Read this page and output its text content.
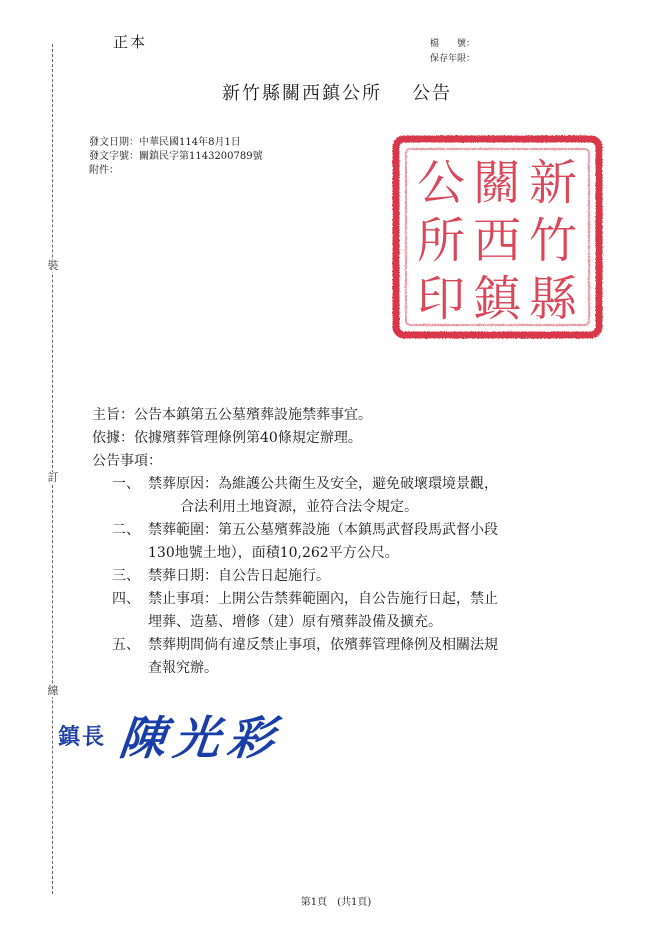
裝
訂
線
正本	檔　　號：
保存年限：
新竹縣關西鎮公所 公告
發文日期：中華民國114年8月1日
發文字號：關鎮民字第1143200789號
附件：	新
竹
縣
關
西
鎮
公
所
印
主旨：公告本鎮第五公墓殯葬設施禁葬事宜。
依據：依據殯葬管理條例第40條規定辦理。
公告事項：
一、 禁葬原因：為維護公共衛生及安全，避免破壞環境景觀，
合法利用土地資源，並符合法令規定。
二、 禁葬範圍：第五公墓殯葬設施（本鎮馬武督段馬武督小段
130地號土地），面積10,262平方公尺。
三、 禁葬日期：自公告日起施行。
四、 禁止事項：上開公告禁葬範圍內，自公告施行日起，禁止
埋葬、造墓、增修（建）原有殯葬設備及擴充。
五、 禁葬期間倘有違反禁止事項，依殯葬管理條例及相關法規
查報究辦。
鎮長 陳光彩
第1頁　(共1頁)
